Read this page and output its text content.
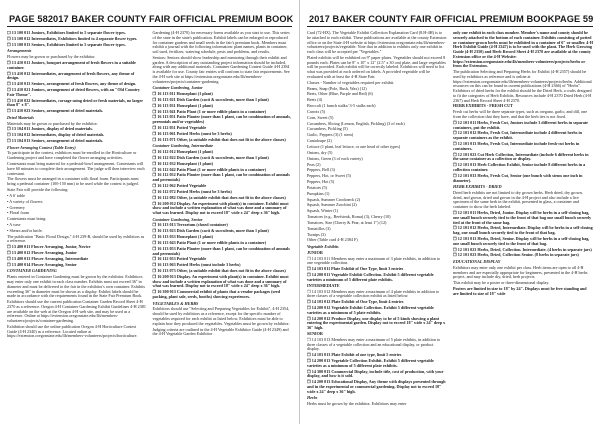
PAGE 58 2017 BAKER COUNTY FAIR OFFICIAL PREMIUM BOOK

❒ 13 100 011 Juniors, Exhibitors limited to 5 separate flower types.

❒ 13 100 012 Intermediates, Exhibitors limited to 4 separate flower types.

❒ 13 100 013 Seniors, Exhibitors limited to 5 separate flower types.

Arrangements

Flowers may be grown or purchased by the exhibitor.

❒ 13 410 011 Juniors, bouquet arrangement of fresh flowers in a suitable container.

❒ 13 410 012 Intermediates, arrangement of fresh flowers, any theme of design.

❒ 13 410 013 Seniors, arrangement of fresh flowers, any theme of design.

❒ 13 410 021 Juniors, arrangement of dried flowers, with an "Old Country Fair Theme".

❒ 13 410 022 Intermediates, corsage using dried or fresh materials, no larger than 8" x 8".

❒ 13 410 023 Seniors, arrangement of dried materials.

Dried Materials

Materials may be grown or purchased by the exhibitor.

❒ 13 104 011 Juniors, display of dried materials.

❒ 13 104 012 Intermediates, display of dried materials.

❒ 13 104 013 Seniors, arrangement of dried materials.

Flower Arranging Contest (Table Entry)

To participate in the contest, exhibitors must be enrolled in the Horticulture or Gardening project and have completed the flower arranging activities.

Contestants must bring material for a pedestal-bowl arrangement. Contestants will have 60 minutes to complete their arrangement. The judge will then interview each contestant.

The flowers must be arranged in a container with floral foam. Participants must bring a pedestal container (100-150 mm) to be used while the contest is judged.

State Fair will provide the following:

• A 6' table

• A variety of flowers

• Greenery

• Floral foam

Contestants must bring:

• A vase

• Shears and/or knife.

The publication "Basic Floral Design," 4-H 239-R, should be used by exhibitors as a reference.

❒ 13 400 011 Flower Arranging, Junior, Novice

❒ 13 400 012 Flower Arranging, Junior

❒ 13 400 013 Flower Arranging, Intermediate

❒ 13 400 014 Flower Arranging, Senior

CONTAINER GARDENING

Plants entered in Container Gardening must be grown by the exhibitor. Exhibitors may enter only one exhibit in each class number. Exhibits must not exceed 36" in diameter and must be delivered to the fair in the exhibitor's own container. Exhibits exceeding 36" in diameter must be shown as a display. Exhibit labels should be made in accordance with the requirements found in the State Fair Premium Book.

Exhibitors should use the current publication Container Garden Record Sheet 4-H 2370 as a reference. Oregon 4-H Container Gardening Exhibit Guidelines 4-H 2381 are available on the web at the Oregon 4-H web site, and may be used as a reference. Online at https://extension.oregonstate.edu/4h/members-volunteers/projects/container-gardening.

Exhibition should use the online publication Oregon 4-H Horticulture Contest Guide (4-H 2340) as a reference. Located online at https://extension.oregonstate.edu/4h/members-volunteers/projects/horticulture.

Gardening (4-H 2370) for necessary forms available as you start to use. This series of the state in the state's publication. Exhibit labels can be enlarged or reproduced for container gardens and small seeds in the fair's premium book. Members must exhibit a journal with the following information: plant names, plants in container, soil used, fertilizer, watering schedule, pests and problems, and results.

Seniors: Seniors should show leadership and mentoring through their exhibit and garden. A description of any outstanding project information should be included, along with any additional materials. Container Gardening Contest Guide 4-H 2384 is available for use. County fair entries will conform to state fair requirements. See the 4-H web site at https://extension.oregonstate.edu/4h/members-volunteers/projects/container-gardening.

Container Gardening, Junior

❒ 16 113 011 Houseplant (1 plant)

❒ 16 113 021 Dish Garden (cacti & succulents, more than 1 plant)

❒ 16 113 031 Houseplant (1 plant)

❒ 16 113 041 Patio Plant (1 or more edible plants in a container)

❒ 16 113 051 Patio Planter (more than 1 plant, can be combination of annuals, perennials and/or vegetables)

❒ 16 112 051 Potted Vegetable

❒ 16 113 061 Potted Herbs (must be 3 herbs)

❒ 16 113 071 Other, (a suitable exhibit that does not fit in the above classes)

Container Gardening, Intermediate

❒ 16 112 012 Houseplant (1 plant)

❒ 16 112 022 Dish Garden (cacti & succulents, more than 1 plant)

❒ 16 112 032 Houseplant (1 plant)

❒ 16 112 042 Patio Plant (1 or more edible plants in a container)

❒ 16 112 052 Patio Planter (more than 1 plant, can be combination of annuals and perennials)

❒ 16 112 062 Potted Vegetable

❒ 16 112 072 Potted Herbs (must be 3 herbs)

❒ 16 112 082 Other, (a suitable exhibit that does not fit in the above classes)

❒ 16 200 012 Display. An experiment with plant(s) in container. Exhibit must show and include a written explanation of what was done and a summary of what was learned. Display not to exceed 18" wide x 24" deep x 36" high.

Container Gardening, Senior

❒ 16 113 013 Terrarium (closed container)

❒ 16 113 023 Dish Garden (cacti & succulents, more than 1 plant)

❒ 16 113 033 Houseplant (1 plant)

❒ 16 113 043 Patio Plant (1 or more edible plants in a container)

❒ 16 113 053 Patio Planter (more than 1 plant, can be combination of annuals and perennials)

❒ 16 112 053 Potted Vegetable

❒ 16 113 063 Potted Herbs (must include 3 herbs)

❒ 16 113 073 Other, (a suitable exhibit that does not fit in the above classes)

❒ 16 200 013 Display. An experiment with plant(s) in container. Exhibit must show and include a written explanation of what was done and a summary of what was learned. Display not to exceed 18" wide x 24" deep x 36" high.

❒ 16 300 013 Commercial exhibit of plants that a vendor packages (seed packing, plant sale, seeds, booths) showing experiences.

VEGETABLES & HERBS

Exhibitors should use "Selecting and Preparing Vegetables for Exhibit", 4-H 2354, should be used by exhibitors as a reference, except for the specific number of vegetables required for each exhibit as listed below. Exhibitors must be able to explain how they produced the vegetables. Vegetables must be grown by exhibitor.

Judging criteria are outlined in the 4-H Vegetable Exhibitor Guide (4-H 2349) and the 4-H Vegetable Garden Exhibitor

2017 BAKER COUNTY FAIR OFFICIAL PREMIUM BOOK PAGE 59

Card (72-HX). The Vegetable Exhibit Collection Explanation Card (8.H-4H) is to be attached to each exhibit. These publications are available at the county Extension office or on the State 4-H website at https://extension.oregonstate.edu/4h/members-volunteers/projects/vegetable. Note that in addition to exhibits only one exhibit in each class will be accepted per "Vegetables."

Plated exhibits will be exhibited on 9" paper plates. Vegetables should not exceed 8 pounds each. Plates can be 8" x 10" x 12" (2.5" x 30 cm) plate, and large vegetables will be provided. Each exhibit will be correctly labeled. Exhibitors will need to list what was provided at each ordered on labels. A provided vegetable will be evaluated with at least the 4-H State Fair.

Classes - Number of vegetables required per exhibit.

Beans, Snap (Pole, Bush, Wax) (12)

Beets, Other (Blue, Purple and Red) (6)

Beets (4)

Broccoli (1 bunch stalks/ 3-5 stalks each)

Carrots (5)

Corn, Sweet (5)

Cucumbers, Slicing (Lemon, English, Pickling) (3 of each)

Cucumbers, Pickling (5)

Garlic, Peppers (3) (1 stem)

Cantaloupe (2)

Lettuce (1 plant, leaf lettuce, or one head of other types)

Onions, dry (5)

Onions, Green (3 of each variety)

Peas (2)

Peppers, Bell (3)

Peppers, Hot, or Sweet (5)

Peppers, Hot (5)

Potatoes (5)

Pumpkins (1)

Squash, Summer Crookneck (2)

Squash, Summer Zucchini (2)

Squash, Winter (1)

Tomatoes (e.g., Beefsteak, Roma) (3), Cherry (10)

Tomatoes, Size (Cherry & Pear, at least 1") (12)

Tomatillos (3)

Turnips (3)

Other (Table card 4-H 2384 F)

Vegetable Exhibits

JUNIOR

❒ 14 103 011 Members may enter a maximum of 3 plate exhibits, in addition to one vegetable collection.

❒ 14 103 011 Plate Exhibit of One Type, limit 3 entries

❒ 14 200 011 Vegetable Exhibit Collection. Exhibit 5 different vegetable varieties a minimum of 5 different plate exhibits.

INTERMEDIATE

❒ 14 103 012 Members may enter a maximum of 4 plate exhibits in addition to three classes of a vegetable collection exhibit as listed below.

❒ 14 103 012 Plate Exhibit of One Type, limit 4 entries

❒ 14 200 012 Vegetable Exhibit Collection. Exhibit 5 different vegetable varieties as a minimum of 5 plate exhibits.

❒ 14 200 012 Produce Display, one display to be of 5 kinds showing a plant entering the experimental garden. Display not to exceed 18" wide x 24" deep x 36" high.

SENIOR

❒ 14 103 013 Members may enter a maximum of 5 plate exhibits, in addition to three classes of a vegetable collection and an educational display, or product display.

❒ 14 103 013 Plate Exhibit of one type, limit 5 entries

❒ 14 200 013 Vegetable Collection Exhibit. Exhibit 5 different vegetable varieties as a minimum of 5 different plate exhibits.

❒ 14 300 013 Commercial Display, include title, cost of production, with your display, and how is it sold.

❒ 14 200 013 Educational Display, Any theme with displays presented through and in the experimental or commercial gardening. Display not to exceed 18" wide x 24" deep x 36" high.

Herbs

Herbs must be grown by the exhibitor. Exhibitors may enter

only one exhibit in each class number. Member's name and county should be securely attached to the bottom of each container. Exhibits consisting of potted or container-grown herbs must be exhibited in a container of 6" or smaller. 4-H Herb Exhibit Guide (4-H 2347) is to be used with the plant. The Herb Growing Guide (4-H 2350) and Herb Record Sheet 4-H 2370 are available at the county Extension office or the 4-H Website: https://extension.oregonstate.edu/4h/members-volunteers/projects/herbs or from the Extension.

The publication Selecting and Preparing Herbs for Exhibit (4-H 2357) should be used by exhibitors as reference and is online at https://extension.oregonstate.edu/4h/members-volunteers/projects/herbs. Additional resources on this can be found in current publications (4-H 2366) of "Herbs". Exhibitors of dried herbs for the exhibit should be the Dried Herb, a crafts designed to fit the categories of Herb Exhibits. Resources include 4-H 2370 Dried Herb (4-H 2367) and Herb Record Sheet 4-H 2370.

HERB EXHIBITS - FRESH CUT

Fresh cut herbs will be three separate types, such as oregano, garlic, and dill, one from the collection that they have, and that the herb ties is not fixed.

❒ 12 101 011 Herbs, Fresh Cut, Juniors include 3 different herbs in separate containers, put the exhibit.

❒ 12 101 012 Herbs, Fresh Cut, Intermediate include 4 different herbs in separate containers as the exhibit.

❒ 12 101 013 Herbs, Fresh Cut, Intermediate include fresh-cut herbs in containers.

❒ 12 101 023 Cut Herb Collection, Intermediate (include 6 different herbs in the same container as a collection or display.

❒ 12 101 013 Herb Collection Exhibit, Senior include 8 different herbs in a collection container.

❒ 12 101 033 Herbs, Fresh Cut, Senior (one bunch with stems one inch in diameter).

HERB EXHIBITS - DRIED

Dried herb exhibits are not limited to dry grown herbs. Herb dried, dry grown, dried, and grown, dried and grown in the 4-H project and also include a live specimen of the same herb in the exhibit, presented in glass, a container and container to show the herb labeled.

❒ 12 101 011 Herbs, Dried, Junior. Display will be herbs in a self-closing bag, one small bunch securely tied to the front of that bag one small bunch securely tied at the front of the same bag.

❒ 12 101 012 Herbs, Dried, Intermediate. Display will be herbs in a self-closing bag, one small bunch securely tied to the front of that bag.

❒ 12 101 013 Herbs, Dried, Senior. Display will be herbs in a self-closing bag, one small bunch securely tied to the front of that bag.

❒ 12 101 023 Herbs, Dried, Collection. Intermediate. (4 herbs in separate jars)

❒ 12 101 023 Herbs, Dried, Collection Senior. (8 herbs in separate jars)

EDUCATIONAL DISPLAY

Exhibitors may enter only one exhibit per class. Herb items are open to all 4-H members and are especially appropriate for beginners, presented in the 4-H herbs project, and may include dry, dried, herb projects.

This exhibit may be a poster or three-dimensional display.

Posters are limited in size to 18" by 24". Displays must be free standing and are limited to size of 18" wide
